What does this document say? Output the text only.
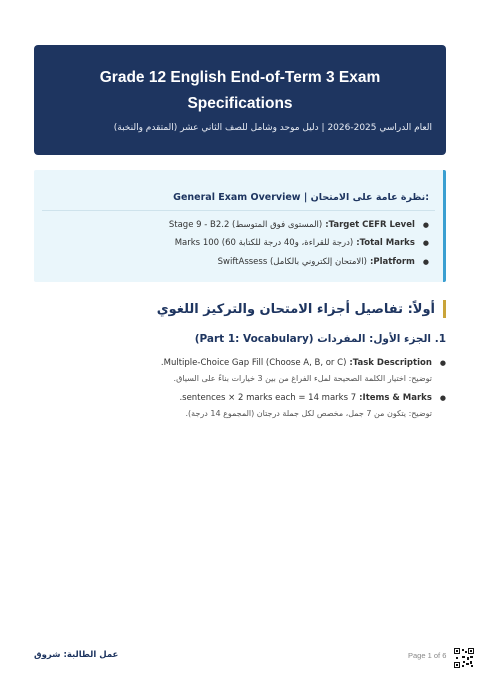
Grade 12 English End-of-Term 3 Exam Specifications
العام الدراسي 2025-2026 | دليل موحد وشامل للصف الثاني عشر (المتقدم والنخبة)
:نظرة عامة على الامتحان | General Exam Overview
●
Target CEFR Level:
(المستوى فوق المتوسط) Stage 9 - B2.2
●
Total Marks:
(درجة للقراءة، و40 درجة للكتابة 60) 100 Marks
●
Platform:
(الامتحان إلكتروني بالكامل) SwiftAssess
أولاً: تفاصيل أجزاء الامتحان والتركيز اللغوي
1. الجزء الأول: المفردات (Part 1: Vocabulary)
●
Task Description:
Multiple-Choice Gap Fill (Choose A, B, or C).
توضيح: اختيار الكلمة الصحيحة لملء الفراغ من بين 3 خيارات بناءً على السياق.
●
Items & Marks:
7 sentences × 2 marks each = 14 marks.
توضيح: يتكون من 7 جمل، مخصص لكل جملة درجتان (المجموع 14 درجة).
عمل الطالبة: شروق	Page 1 of 6
